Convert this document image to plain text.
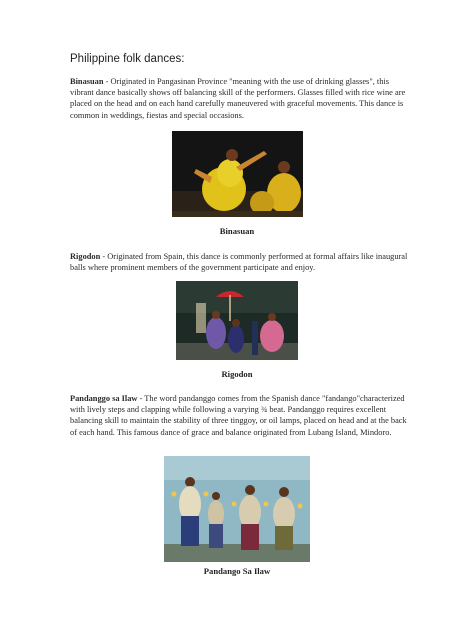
Philippine folk dances:
Binasuan - Originated in Pangasinan Province "meaning with the use of drinking glasses", this vibrant dance basically shows off balancing skill of the performers. Glasses filled with rice wine are placed on the head and on each hand carefully maneuvered with graceful movements. This dance is common in weddings, fiestas and special occasions.
Binasuan
Rigodon - Originated from Spain, this dance is commonly performed at formal affairs like inaugural balls where prominent members of the government participate and enjoy.
Rigodon
Pandanggo sa Ilaw - The word pandanggo comes from the Spanish dance "fandango"characterized with lively steps and clapping while following a varying ¾ beat. Pandanggo requires excellent balancing skill to maintain the stability of three tinggoy, or oil lamps, placed on head and at the back of each hand. This famous dance of grace and balance originated from Lubang Island, Mindoro.
Pandango Sa Ilaw
